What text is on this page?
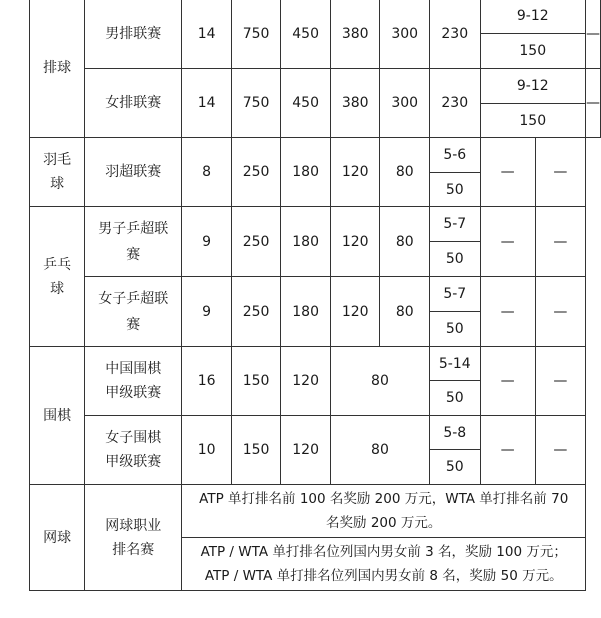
排球	男排联赛	14	750	450	380	300	230	9-12		—
								150		
	女排联赛	14	750	450	380	300	230	9-12		—
								150		
羽毛
球	羽超联赛	8	250	180	120	80	5-6	—	—	
							50			
乒乓
球	男子乒超联
赛	9	250	180	120	80	5-7	—	—	
							50			
	女子乒超联
赛	9	250	180	120	80	5-7	—	—	
							50			
围棋	中国围棋
甲级联赛	16	150	120	80		5-14	—	—	
							50			
	女子围棋
甲级联赛	10	150	120	80		5-8	—	—	
							50			
网球	网球职业
排名赛	ATP 单打排名前 100 名奖励 200 万元，WTA 单打排名前 70
名奖励 200 万元。								
		ATP / WTA 单打排名位列国内男女前 3 名，奖励 100 万元；
ATP / WTA 单打排名位列国内男女前 8 名，奖励 50 万元。								
